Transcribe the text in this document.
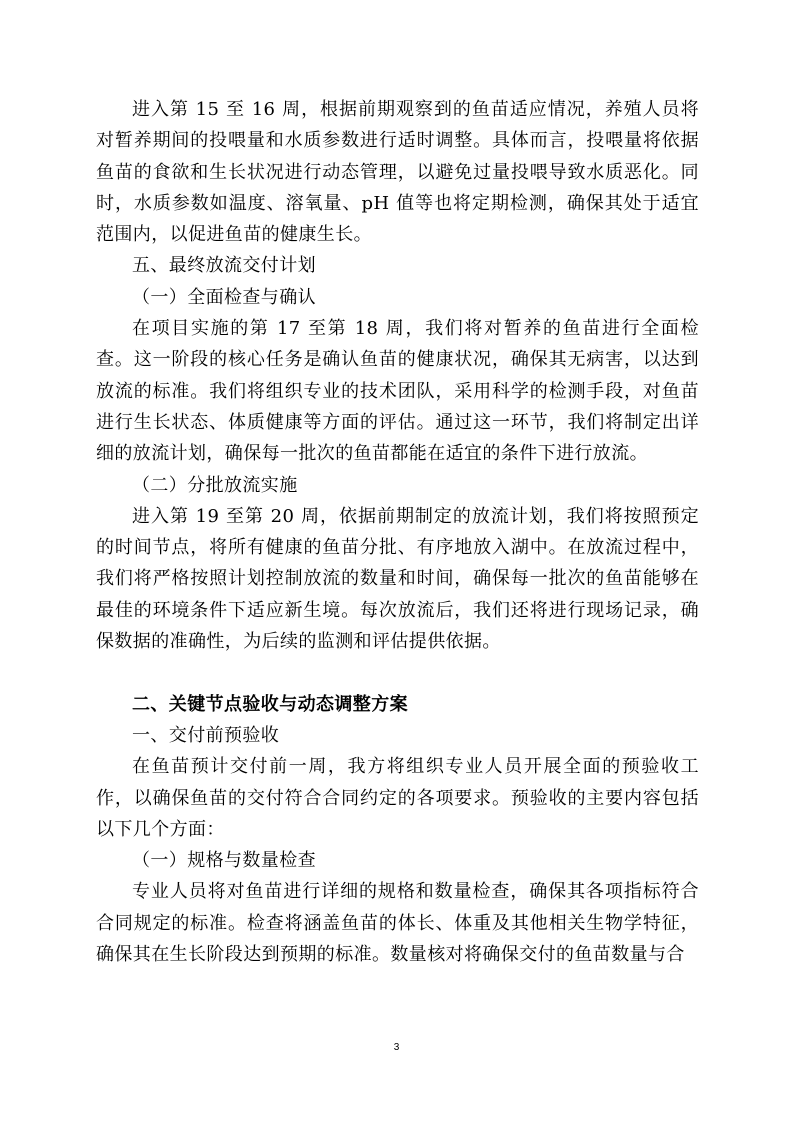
进入第 15 至 16 周，根据前期观察到的鱼苗适应情况，养殖人员将对暂养期间的投喂量和水质参数进行适时调整。具体而言，投喂量将依据鱼苗的食欲和生长状况进行动态管理，以避免过量投喂导致水质恶化。同时，水质参数如温度、溶氧量、pH 值等也将定期检测，确保其处于适宜范围内，以促进鱼苗的健康生长。

五、最终放流交付计划

（一）全面检查与确认

在项目实施的第 17 至第 18 周，我们将对暂养的鱼苗进行全面检查。这一阶段的核心任务是确认鱼苗的健康状况，确保其无病害，以达到放流的标准。我们将组织专业的技术团队，采用科学的检测手段，对鱼苗进行生长状态、体质健康等方面的评估。通过这一环节，我们将制定出详细的放流计划，确保每一批次的鱼苗都能在适宜的条件下进行放流。

（二）分批放流实施

进入第 19 至第 20 周，依据前期制定的放流计划，我们将按照预定的时间节点，将所有健康的鱼苗分批、有序地放入湖中。在放流过程中，我们将严格按照计划控制放流的数量和时间，确保每一批次的鱼苗能够在最佳的环境条件下适应新生境。每次放流后，我们还将进行现场记录，确保数据的准确性，为后续的监测和评估提供依据。

二、关键节点验收与动态调整方案

一、交付前预验收

在鱼苗预计交付前一周，我方将组织专业人员开展全面的预验收工作，以确保鱼苗的交付符合合同约定的各项要求。预验收的主要内容包括以下几个方面：

（一）规格与数量检查

专业人员将对鱼苗进行详细的规格和数量检查，确保其各项指标符合合同规定的标准。检查将涵盖鱼苗的体长、体重及其他相关生物学特征，确保其在生长阶段达到预期的标准。数量核对将确保交付的鱼苗数量与合

3
